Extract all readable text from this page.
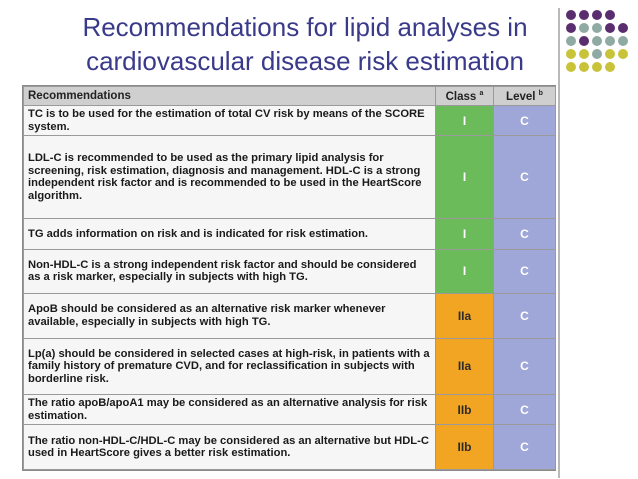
Recommendations for lipid analyses in cardiovascular disease risk estimation
Recommendations	Class $^a$	Level $^b$
TC is to be used for the estimation of total CV risk by means of the SCORE system.	I	C
LDL-C is recommended to be used as the primary lipid analysis for screening, risk estimation, diagnosis and management. HDL-C is a strong independent risk factor and is recommended to be used in the HeartScore algorithm.	I	C
TG adds information on risk and is indicated for risk estimation.	I	C
Non-HDL-C is a strong independent risk factor and should be considered as a risk marker, especially in subjects with high TG.	I	C
ApoB should be considered as an alternative risk marker whenever available, especially in subjects with high TG.	IIa	C
Lp(a) should be considered in selected cases at high-risk, in patients with a family history of premature CVD, and for reclassification in subjects with borderline risk.	IIa	C
The ratio apoB/apoA1 may be considered as an alternative analysis for risk estimation.	IIb	C
The ratio non-HDL-C/HDL-C may be considered as an alternative but HDL-C used in HeartScore gives a better risk estimation.	IIb	C
